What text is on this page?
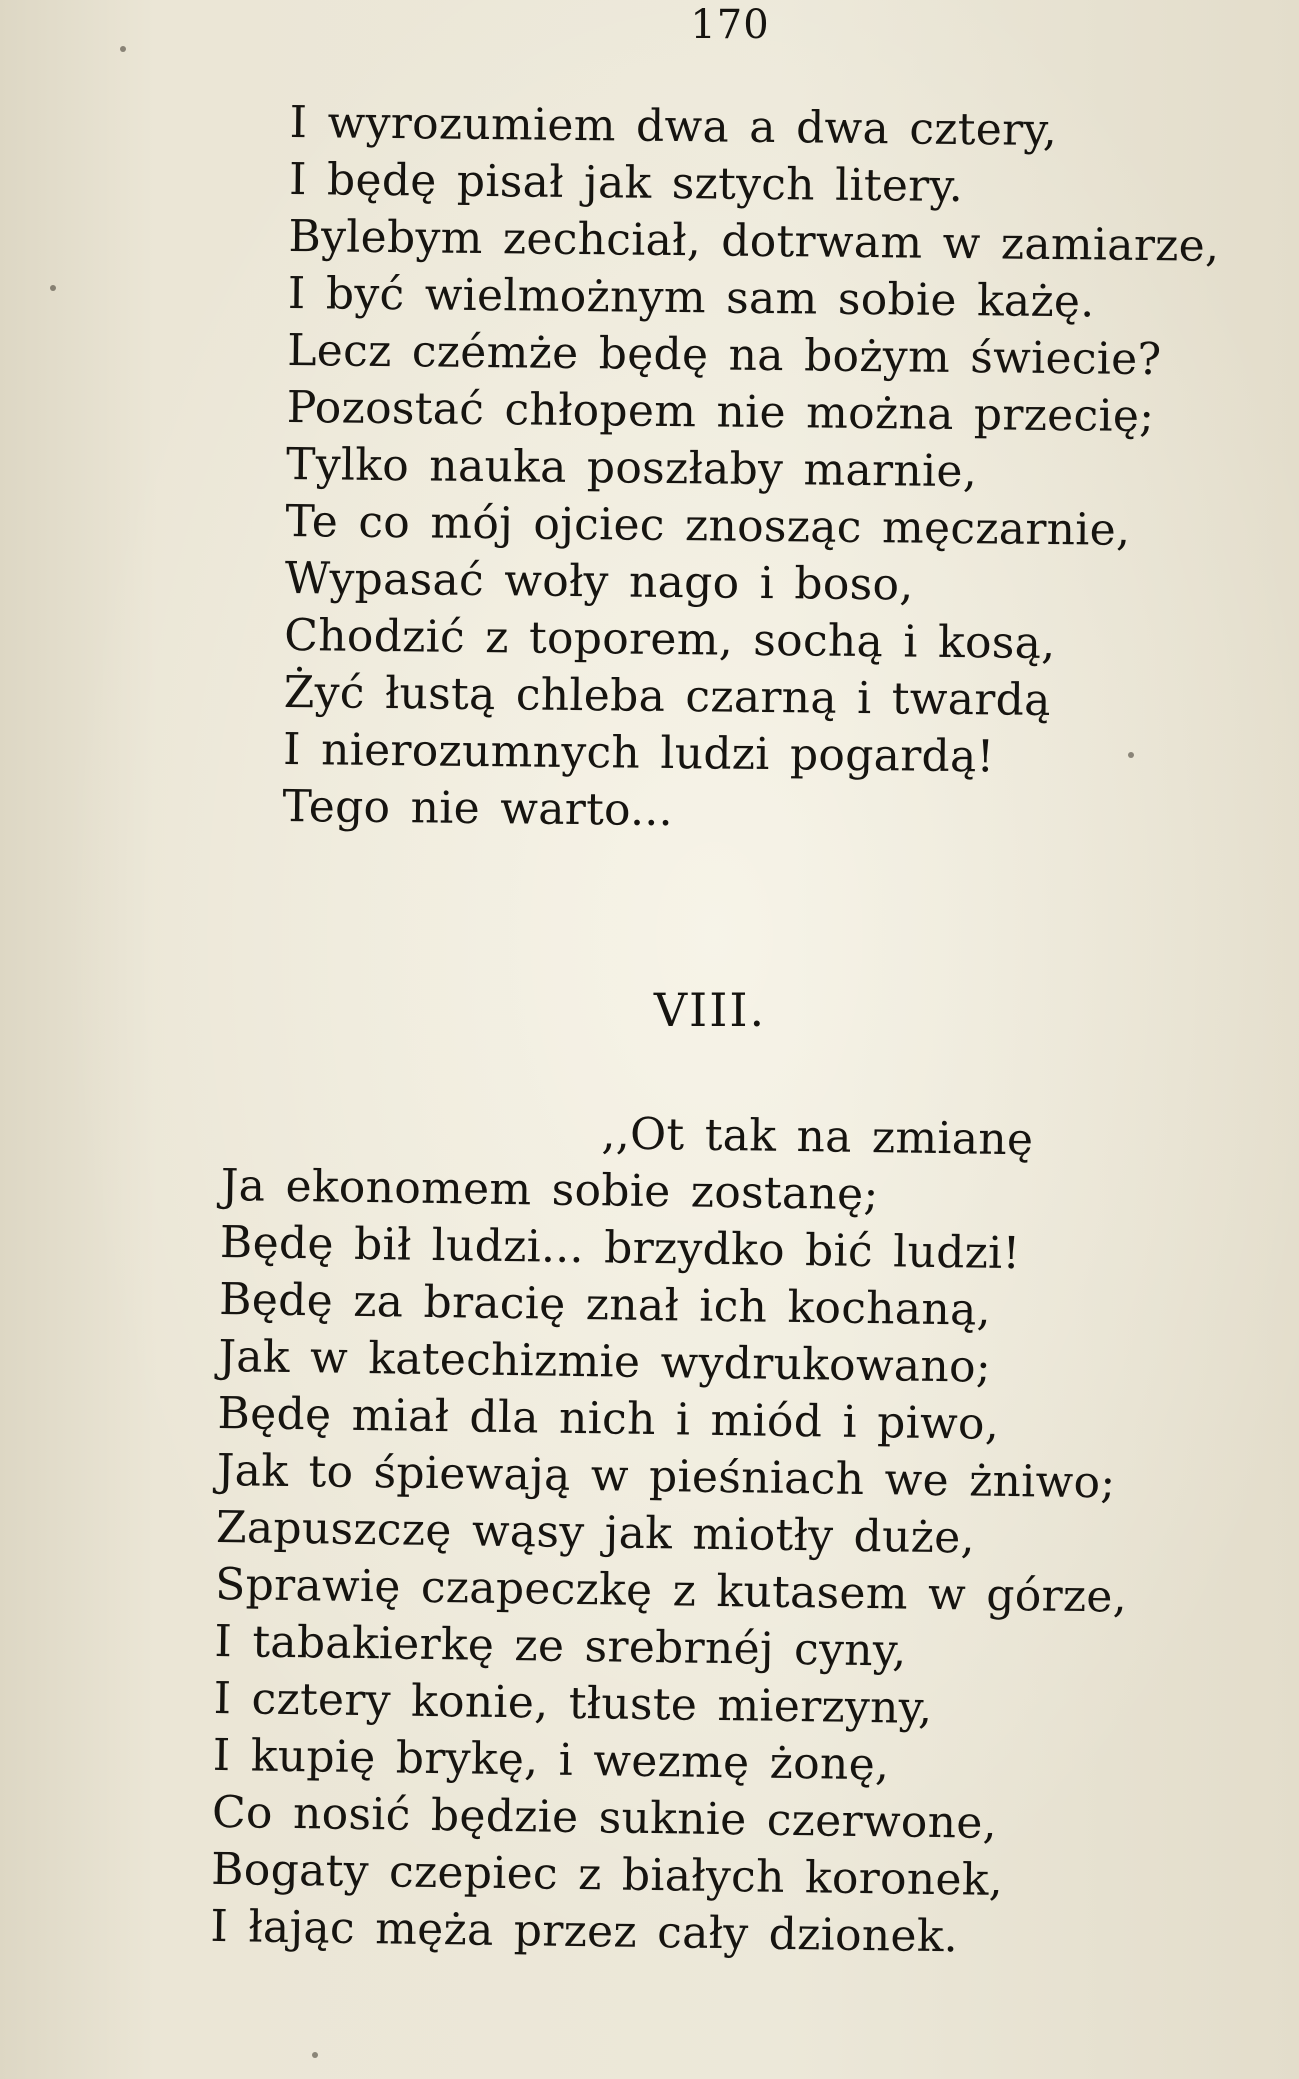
170
I wyrozumiem dwa a dwa cztery,
I będę pisał jak sztych litery.
Bylebym zechciał, dotrwam w zamiarze,
I być wielmożnym sam sobie każę.
Lecz czémże będę na bożym świecie?
Pozostać chłopem nie można przecię;
Tylko nauka poszłaby marnie,
Te co mój ojciec znosząc męczarnie,
Wypasać woły nago i boso,
Chodzić z toporem, sochą i kosą,
Żyć łustą chleba czarną i twardą
I nierozumnych ludzi pogardą!
Tego nie warto...
VIII.
,,Ot tak na zmianę
Ja ekonomem sobie zostanę;
Będę bił ludzi... brzydko bić ludzi!
Będę za bracię znał ich kochaną,
Jak w katechizmie wydrukowano;
Będę miał dla nich i miód i piwo,
Jak to śpiewają w pieśniach we żniwo;
Zapuszczę wąsy jak miotły duże,
Sprawię czapeczkę z kutasem w górze,
I tabakierkę ze srebrnéj cyny,
I cztery konie, tłuste mierzyny,
I kupię brykę, i wezmę żonę,
Co nosić będzie suknie czerwone,
Bogaty czepiec z białych koronek,
I łając męża przez cały dzionek.
